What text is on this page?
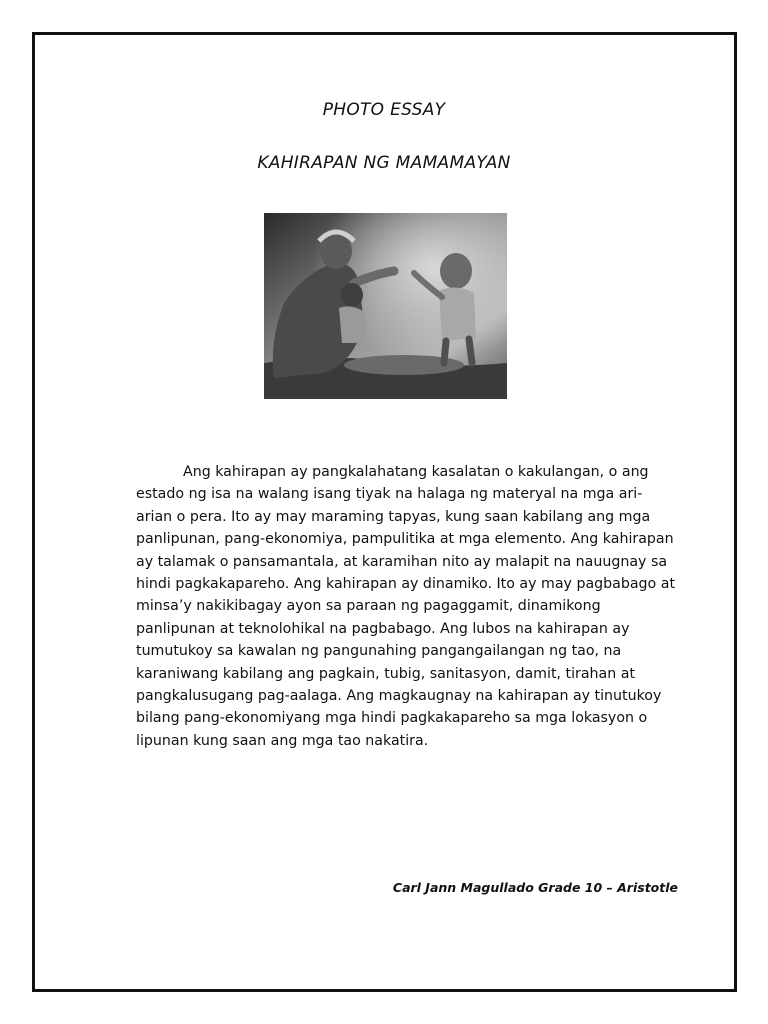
PHOTO ESSAY
KAHIRAPAN NG MAMAMAYAN

Ang kahirapan ay pangkalahatang kasalatan o kakulangan, o ang estado ng isa na walang isang tiyak na halaga ng materyal na mga ari-arian o pera. Ito ay may maraming tapyas, kung saan kabilang ang mga panlipunan, pang-ekonomiya, pampulitika at mga elemento. Ang kahirapan ay talamak o pansamantala, at karamihan nito ay malapit na nauugnay sa hindi pagkakapareho. Ang kahirapan ay dinamiko. Ito ay may pagbabago at minsa’y nakikibagay ayon sa paraan ng pagaggamit, dinamikong panlipunan at teknolohikal na pagbabago. Ang lubos na kahirapan ay tumutukoy sa kawalan ng pangunahing pangangailangan ng tao, na karaniwang kabilang ang pagkain, tubig, sanitasyon, damit, tirahan at pangkalusugang pag-aalaga. Ang magkaugnay na kahirapan ay tinutukoy bilang pang-ekonomiyang mga hindi pagkakapareho sa mga lokasyon o lipunan kung saan ang mga tao nakatira.

Carl Jann Magullado Grade 10 – Aristotle
